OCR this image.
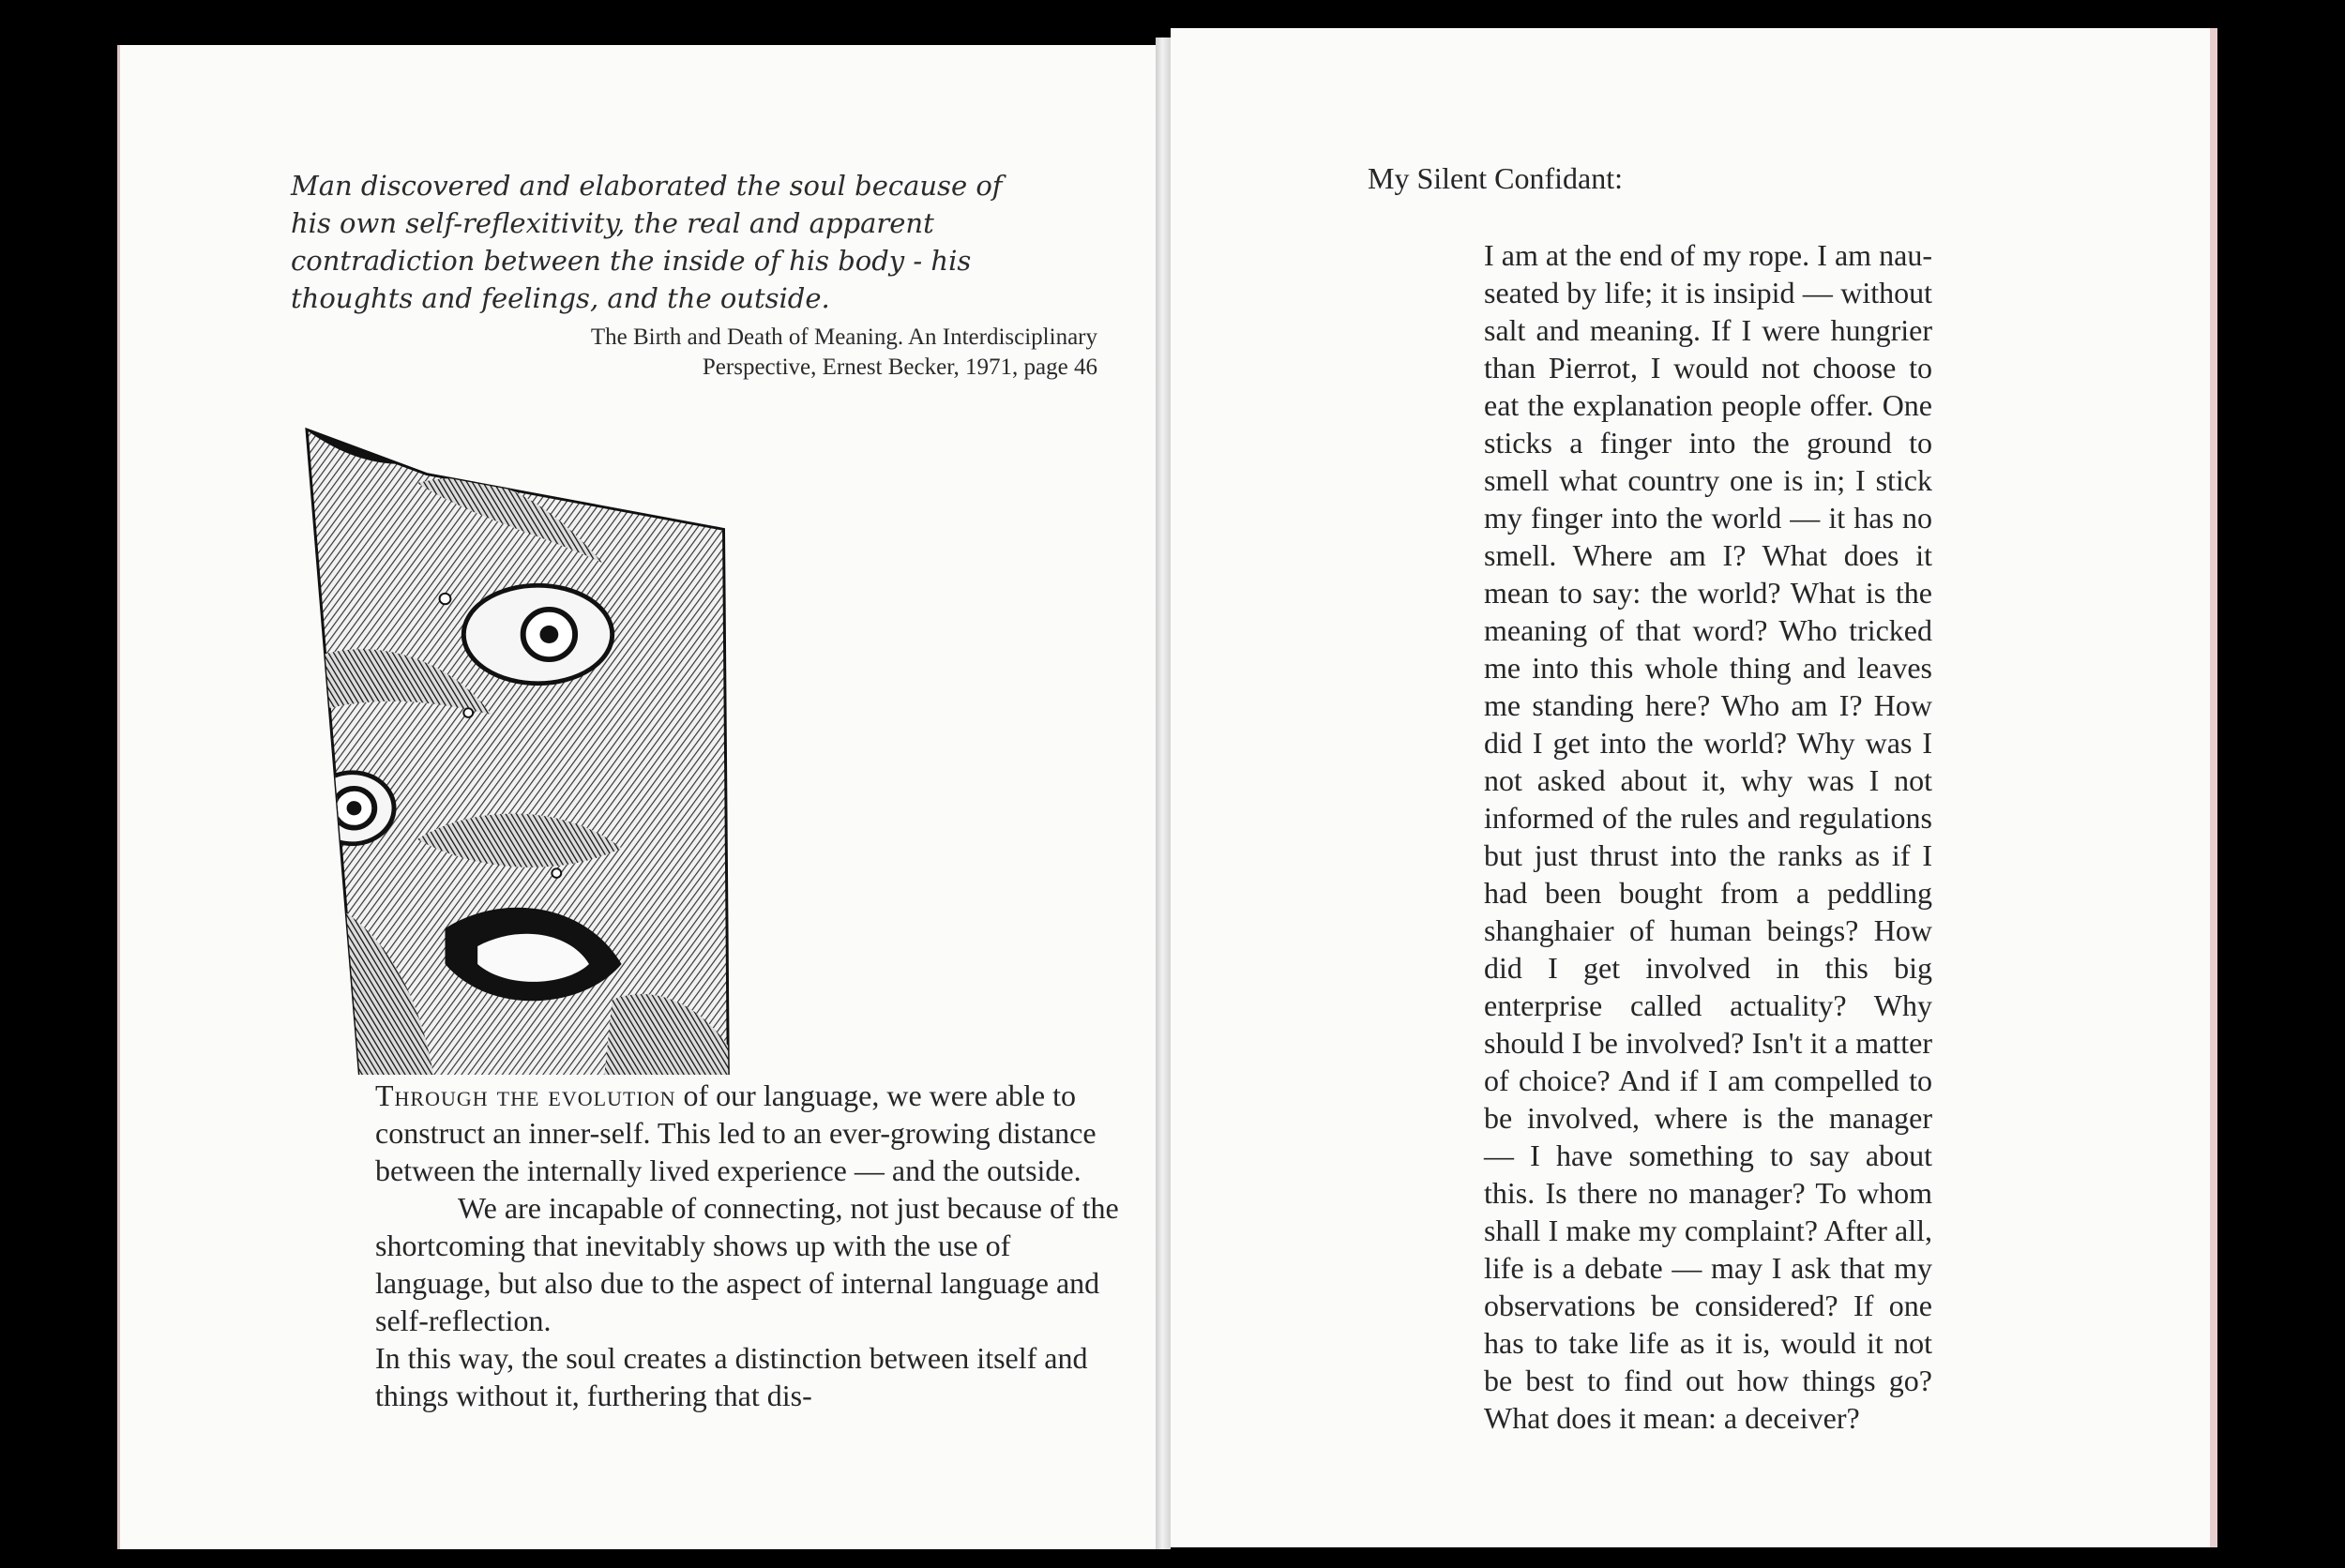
Man discovered and elaborated the soul because of his own self-reflexitivity, the real and apparent contradiction between the inside of his body - his thoughts and feelings, and the outside.
The Birth and Death of Meaning. An Interdisciplinary
Perspective, Ernest Becker, 1971, page 46

Through the evolution of our language, we were able to construct an inner-self. This led to an ever-growing distance between the internally lived experience — and the outside.

We are incapable of connecting, not just because of the shortcoming that inevitably shows up with the use of language, but also due to the aspect of internal language and self-reflection.

In this way, the soul creates a distinction between itself and things without it, furthering that dis-

My Silent Confidant:
I am at the end of my rope. I am nauseated by life; it is insipid — without salt and meaning. If I were hungrier than Pierrot, I would not choose to eat the explanation people offer. One sticks a finger into the ground to smell what country one is in; I stick my finger into the world — it has no smell. Where am I? What does it mean to say: the world? What is the meaning of that word? Who tricked me into this whole thing and leaves me standing here? Who am I? How did I get into the world? Why was I not asked about it, why was I not informed of the rules and regulations but just thrust into the ranks as if I had been bought from a peddling shanghaier of human beings? How did I get involved in this big enterprise called actuality? Why should I be involved? Isn't it a matter of choice? And if I am compelled to be involved, where is the manager — I have something to say about this. Is there no manager? To whom shall I make my complaint? After all, life is a debate — may I ask that my observations be considered? If one has to take life as it is, would it not be best to find out how things go? What does it mean: a deceiver?
